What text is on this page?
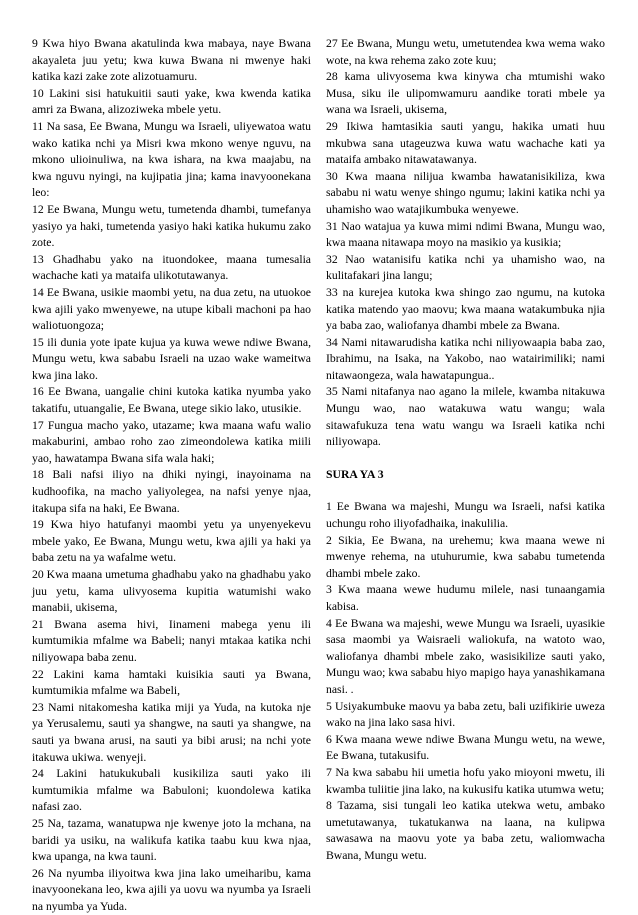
9 Kwa hiyo Bwana akatulinda kwa mabaya, naye Bwana akayaleta juu yetu; kwa kuwa Bwana ni mwenye haki katika kazi zake zote alizotuamuru.

10 Lakini sisi hatukuitii sauti yake, kwa kwenda katika amri za Bwana, alizoziweka mbele yetu.

11 Na sasa, Ee Bwana, Mungu wa Israeli, uliyewatoa watu wako katika nchi ya Misri kwa mkono wenye nguvu, na mkono ulioinuliwa, na kwa ishara, na kwa maajabu, na kwa nguvu nyingi, na kujipatia jina; kama inavyoonekana leo:

12 Ee Bwana, Mungu wetu, tumetenda dhambi, tumefanya yasiyo ya haki, tumetenda yasiyo haki katika hukumu zako zote.

13 Ghadhabu yako na ituondokee, maana tumesalia wachache kati ya mataifa ulikotutawanya.

14 Ee Bwana, usikie maombi yetu, na dua zetu, na utuokoe kwa ajili yako mwenyewe, na utupe kibali machoni pa hao waliotuongoza;

15 ili dunia yote ipate kujua ya kuwa wewe ndiwe Bwana, Mungu wetu, kwa sababu Israeli na uzao wake wameitwa kwa jina lako.

16 Ee Bwana, uangalie chini kutoka katika nyumba yako takatifu, utuangalie, Ee Bwana, utege sikio lako, utusikie.

17 Fungua macho yako, utazame; kwa maana wafu walio makaburini, ambao roho zao zimeondolewa katika miili yao, hawatampa Bwana sifa wala haki;

18 Bali nafsi iliyo na dhiki nyingi, inayoinama na kudhoofika, na macho yaliyolegea, na nafsi yenye njaa, itakupa sifa na haki, Ee Bwana.

19 Kwa hiyo hatufanyi maombi yetu ya unyenyekevu mbele yako, Ee Bwana, Mungu wetu, kwa ajili ya haki ya baba zetu na ya wafalme wetu.

20 Kwa maana umetuma ghadhabu yako na ghadhabu yako juu yetu, kama ulivyosema kupitia watumishi wako manabii, ukisema,

21 Bwana asema hivi, Iinameni mabega yenu ili kumtumikia mfalme wa Babeli; nanyi mtakaa katika nchi niliyowapa baba zenu.

22 Lakini kama hamtaki kuisikia sauti ya Bwana, kumtumikia mfalme wa Babeli,

23 Nami nitakomesha katika miji ya Yuda, na kutoka nje ya Yerusalemu, sauti ya shangwe, na sauti ya shangwe, na sauti ya bwana arusi, na sauti ya bibi arusi; na nchi yote itakuwa ukiwa. wenyeji.

24 Lakini hatukukubali kusikiliza sauti yako ili kumtumikia mfalme wa Babuloni; kuondolewa katika nafasi zao.

25 Na, tazama, wanatupwa nje kwenye joto la mchana, na baridi ya usiku, na walikufa katika taabu kuu kwa njaa, kwa upanga, na kwa tauni.

26 Na nyumba iliyoitwa kwa jina lako umeiharibu, kama inavyoonekana leo, kwa ajili ya uovu wa nyumba ya Israeli na nyumba ya Yuda.

27 Ee Bwana, Mungu wetu, umetutendea kwa wema wako wote, na kwa rehema zako zote kuu;

28 kama ulivyosema kwa kinywa cha mtumishi wako Musa, siku ile ulipomwamuru aandike torati mbele ya wana wa Israeli, ukisema,

29 Ikiwa hamtasikia sauti yangu, hakika umati huu mkubwa sana utageuzwa kuwa watu wachache kati ya mataifa ambako nitawatawanya.

30 Kwa maana nilijua kwamba hawatanisikiliza, kwa sababu ni watu wenye shingo ngumu; lakini katika nchi ya uhamisho wao watajikumbuka wenyewe.

31 Nao watajua ya kuwa mimi ndimi Bwana, Mungu wao, kwa maana nitawapa moyo na masikio ya kusikia;

32 Nao watanisifu katika nchi ya uhamisho wao, na kulitafakari jina langu;

33 na kurejea kutoka kwa shingo zao ngumu, na kutoka katika matendo yao maovu; kwa maana watakumbuka njia ya baba zao, waliofanya dhambi mbele za Bwana.

34 Nami nitawarudisha katika nchi niliyowaapia baba zao, Ibrahimu, na Isaka, na Yakobo, nao watairimiliki; nami nitawaongeza, wala hawatapungua..

35 Nami nitafanya nao agano la milele, kwamba nitakuwa Mungu wao, nao watakuwa watu wangu; wala sitawafukuza tena watu wangu wa Israeli katika nchi niliyowapa.

SURA YA 3

1 Ee Bwana wa majeshi, Mungu wa Israeli, nafsi katika uchungu roho iliyofadhaika, inakulilia.

2 Sikia, Ee Bwana, na urehemu; kwa maana wewe ni mwenye rehema, na utuhurumie, kwa sababu tumetenda dhambi mbele zako.

3 Kwa maana wewe hudumu milele, nasi tunaangamia kabisa.

4 Ee Bwana wa majeshi, wewe Mungu wa Israeli, uyasikie sasa maombi ya Waisraeli waliokufa, na watoto wao, waliofanya dhambi mbele zako, wasisikilize sauti yako, Mungu wao; kwa sababu hiyo mapigo haya yanashikamana nasi. .

5 Usiyakumbuke maovu ya baba zetu, bali uzifikirie uweza wako na jina lako sasa hivi.

6 Kwa maana wewe ndiwe Bwana Mungu wetu, na wewe, Ee Bwana, tutakusifu.

7 Na kwa sababu hii umetia hofu yako mioyoni mwetu, ili kwamba tuliitie jina lako, na kukusifu katika utumwa wetu;

8 Tazama, sisi tungali leo katika utekwa wetu, ambako umetutawanya, tukatukanwa na laana, na kulipwa sawasawa na maovu yote ya baba zetu, waliomwacha Bwana, Mungu wetu.
